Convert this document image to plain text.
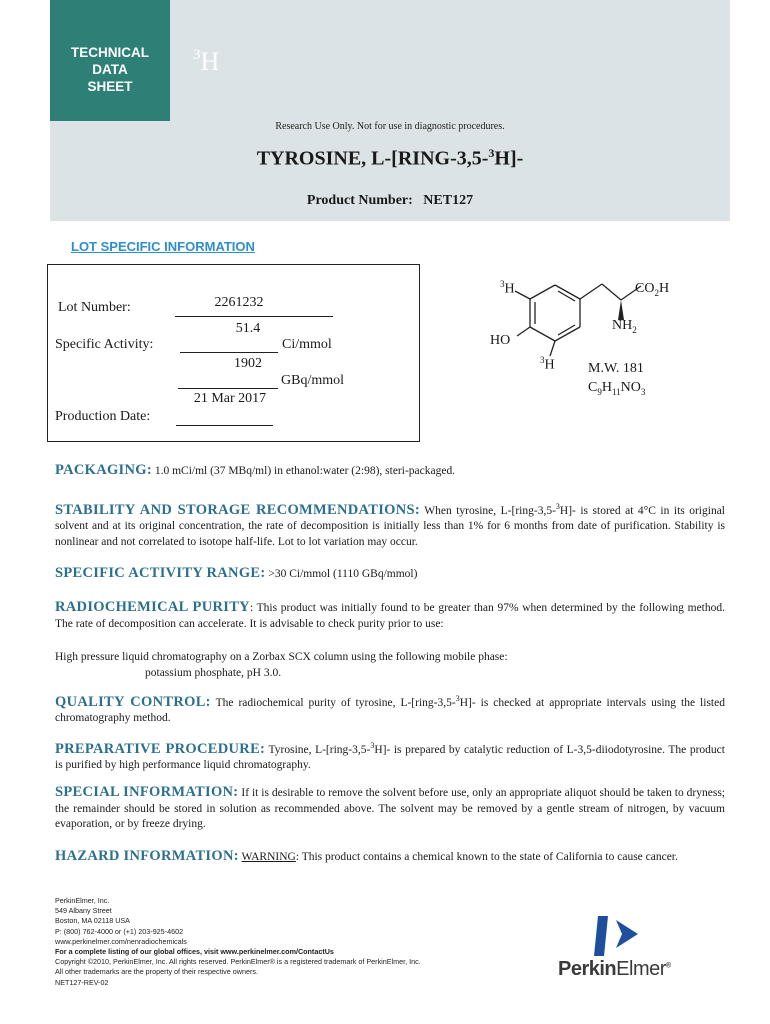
TECHNICAL
DATA
SHEET
$^3$H
Research Use Only. Not for use in diagnostic procedures.
TYROSINE, L-[RING-3,5-$^3$H]-
Product Number: NET127
LOT SPECIFIC INFORMATION
Lot Number:	2261232
Specific Activity:
51.4
Ci/mmol
1902
GBq/mmol
21 Mar 2017
Production Date:
$^3$H	$CO_2H$
$NH_2$
HO
$^3$H M.W. 181
$C_9H_{11}NO_3$
PACKAGING: 1.0 mCi/ml (37 MBq/ml) in ethanol:water (2:98), steri-packaged.
STABILITY AND STORAGE RECOMMENDATIONS: When tyrosine, L-[ring-3,5-$^3$H]- is stored at 4°C in its original solvent and at its original concentration, the rate of decomposition is initially less than 1% for 6 months from date of purification. Stability is nonlinear and not correlated to isotope half-life. Lot to lot variation may occur.
SPECIFIC ACTIVITY RANGE: >30 Ci/mmol (1110 GBq/mmol)
RADIOCHEMICAL PURITY: This product was initially found to be greater than 97% when determined by the following method. The rate of decomposition can accelerate. It is advisable to check purity prior to use:
High pressure liquid chromatography on a Zorbax SCX column using the following mobile phase:
potassium phosphate, pH 3.0.
QUALITY CONTROL: The radiochemical purity of tyrosine, L-[ring-3,5-$^3$H]- is checked at appropriate intervals using the listed chromatography method.
PREPARATIVE PROCEDURE: Tyrosine, L-[ring-3,5-$^3$H]- is prepared by catalytic reduction of L-3,5-diiodotyrosine. The product is purified by high performance liquid chromatography.
SPECIAL INFORMATION: If it is desirable to remove the solvent before use, only an appropriate aliquot should be taken to dryness; the remainder should be stored in solution as recommended above. The solvent may be removed by a gentle stream of nitrogen, by vacuum evaporation, or by freeze drying.
HAZARD INFORMATION: WARNING: This product contains a chemical known to the state of California to cause cancer.
PerkinElmer, Inc.
549 Albany Street
Boston, MA 02118 USA
P: (800) 762-4000 or (+1) 203-925-4602
www.perkinelmer.com/nenradiochemicals
For a complete listing of our global offices, visit www.perkinelmer.com/ContactUs
Copyright ©2010, PerkinElmer, Inc. All rights reserved. PerkinElmer® is a registered trademark of PerkinElmer, Inc.
All other trademarks are the property of their respective owners.
NET127-REV-02
PerkinElmer®
